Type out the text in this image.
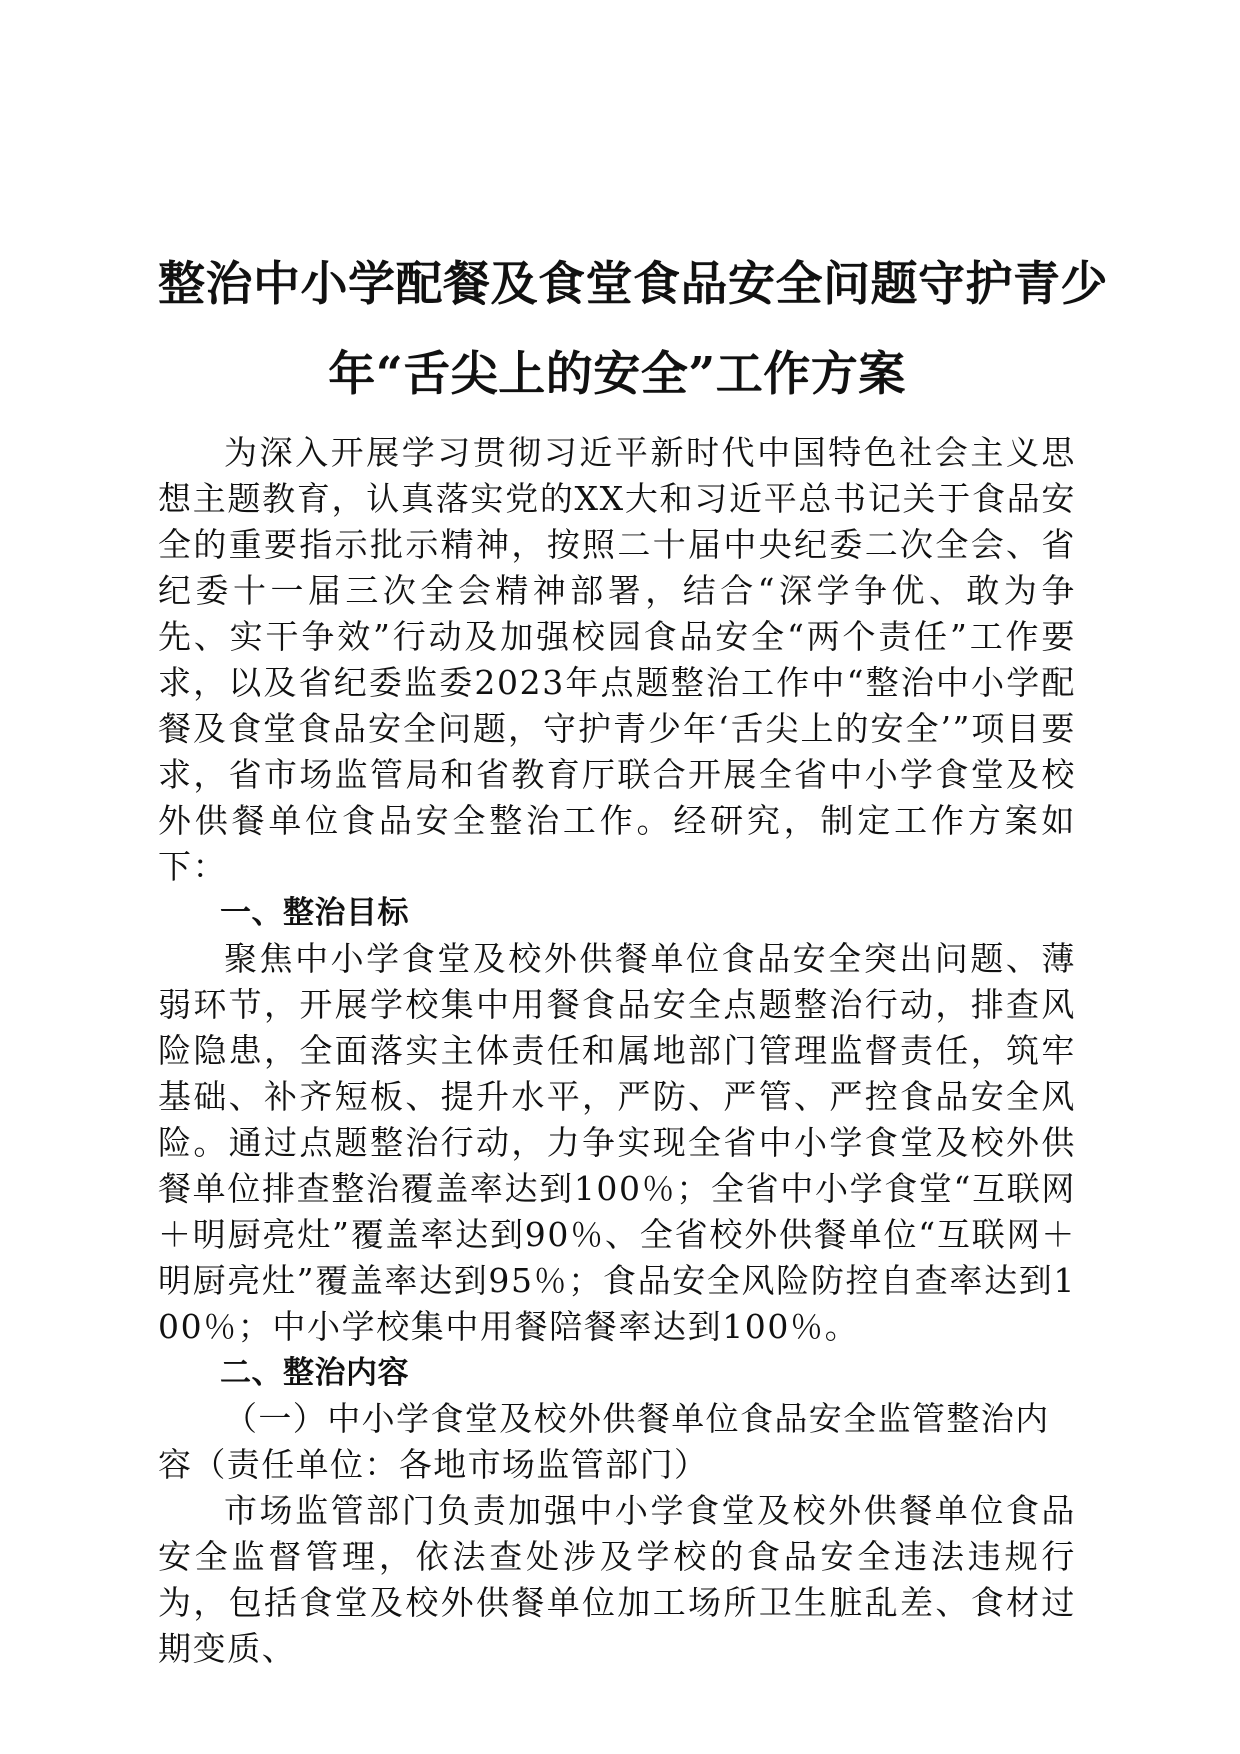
整治中小学配餐及食堂食品安全问题守护青少
年“舌尖上的安全”工作方案

为深入开展学习贯彻习近平新时代中国特色社会主义思想主题教育，认真落实党的XX大和习近平总书记关于食品安全的重要指示批示精神，按照二十届中央纪委二次全会、省纪委十一届三次全会精神部署，结合“深学争优、敢为争先、实干争效”行动及加强校园食品安全“两个责任”工作要求，以及省纪委监委2023年点题整治工作中“整治中小学配餐及食堂食品安全问题，守护青少年‘舌尖上的安全’”项目要求，省市场监管局和省教育厅联合开展全省中小学食堂及校外供餐单位食品安全整治工作。经研究，制定工作方案如下：

一、整治目标

聚焦中小学食堂及校外供餐单位食品安全突出问题、薄弱环节，开展学校集中用餐食品安全点题整治行动，排查风险隐患，全面落实主体责任和属地部门管理监督责任，筑牢基础、补齐短板、提升水平，严防、严管、严控食品安全风险。通过点题整治行动，力争实现全省中小学食堂及校外供餐单位排查整治覆盖率达到100％；全省中小学食堂“互联网＋明厨亮灶”覆盖率达到90％、全省校外供餐单位“互联网＋明厨亮灶”覆盖率达到95％；食品安全风险防控自查率达到100％；中小学校集中用餐陪餐率达到100％。

二、整治内容

（一）中小学食堂及校外供餐单位食品安全监管整治内容（责任单位：各地市场监管部门）

市场监管部门负责加强中小学食堂及校外供餐单位食品安全监督管理，依法查处涉及学校的食品安全违法违规行为，包括食堂及校外供餐单位加工场所卫生脏乱差、食材过期变质、
